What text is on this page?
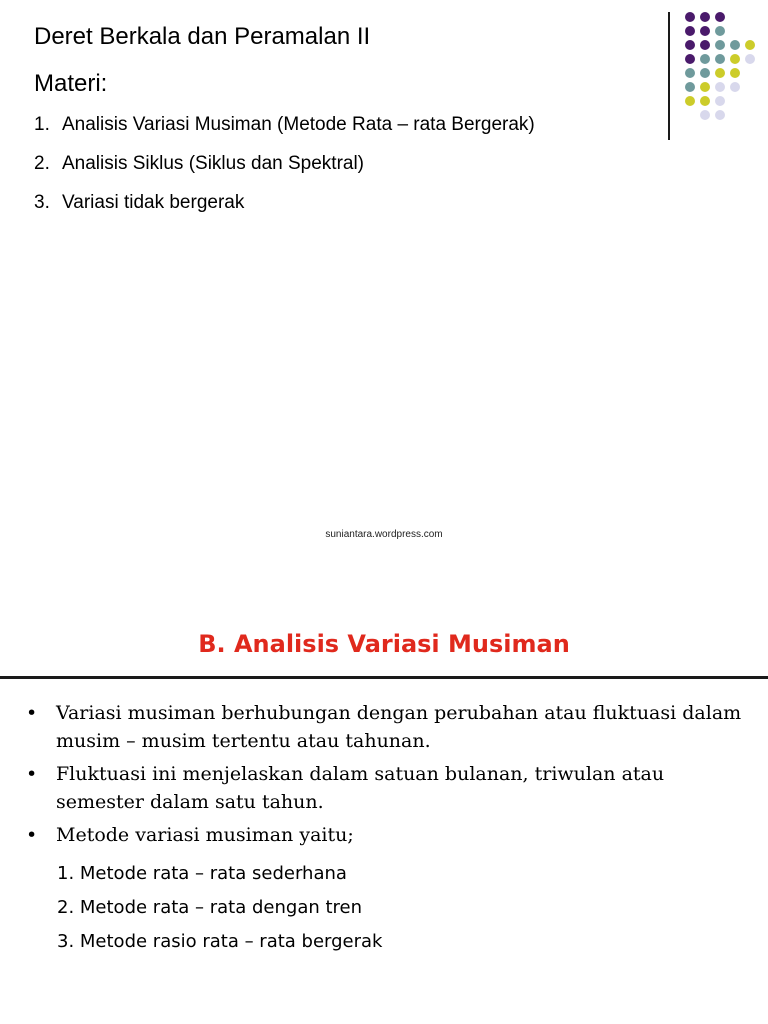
Deret Berkala dan Peramalan II
Materi:
1. Analisis Variasi Musiman (Metode Rata – rata Bergerak)
2. Analisis Siklus (Siklus dan Spektral)
3. Variasi tidak bergerak
suniantara.wordpress.com
B. Analisis Variasi Musiman
• Variasi musiman berhubungan dengan perubahan atau fluktuasi dalam musim – musim tertentu atau tahunan.
• Fluktuasi ini menjelaskan dalam satuan bulanan, triwulan atau semester dalam satu tahun.
• Metode variasi musiman yaitu;
1. Metode rata – rata sederhana
2. Metode rata – rata dengan tren
3. Metode rasio rata – rata bergerak
